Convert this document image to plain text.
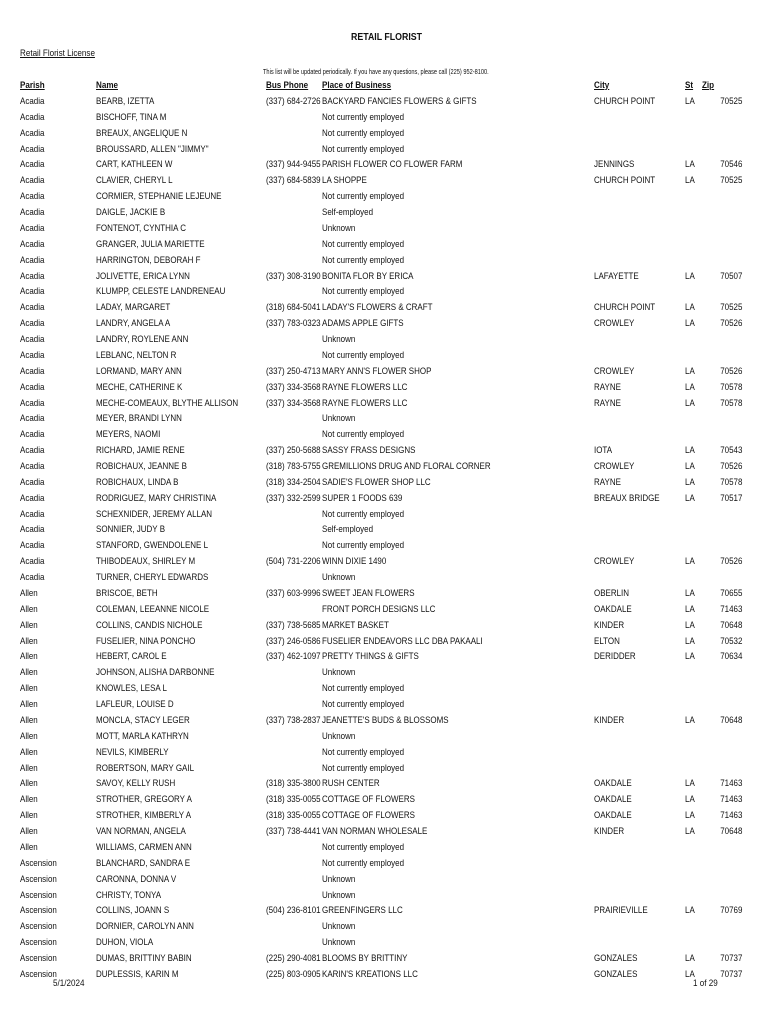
RETAIL FLORIST
Retail Florist License
This list will be updated periodically. If you have any questions, please call (225) 952-8100.
Parish	Name	Bus Phone Place of Business	City	St Zip
Acadia	BEARB, IZETTA	(337) 684-2726 BACKYARD FANCIES FLOWERS & GIFTS	CHURCH POINT	LA	70525
Acadia	BISCHOFF, TINA M	Not currently employed
Acadia	BREAUX, ANGELIQUE N	Not currently employed
Acadia	BROUSSARD, ALLEN "JIMMY"	Not currently employed
Acadia	CART, KATHLEEN W	(337) 944-9455 PARISH FLOWER CO FLOWER FARM	JENNINGS	LA	70546
Acadia	CLAVIER, CHERYL L	(337) 684-5839 LA SHOPPE	CHURCH POINT	LA	70525
Acadia	CORMIER, STEPHANIE LEJEUNE	Not currently employed
Acadia	DAIGLE, JACKIE B	Self-employed
Acadia	FONTENOT, CYNTHIA C	Unknown
Acadia	GRANGER, JULIA MARIETTE	Not currently employed
Acadia	HARRINGTON, DEBORAH F	Not currently employed
Acadia	JOLIVETTE, ERICA LYNN	(337) 308-3190 BONITA FLOR BY ERICA	LAFAYETTE	LA	70507
Acadia	KLUMPP, CELESTE LANDRENEAU	Not currently employed
Acadia	LADAY, MARGARET	(318) 684-5041 LADAY'S FLOWERS & CRAFT	CHURCH POINT	LA	70525
Acadia	LANDRY, ANGELA A	(337) 783-0323 ADAMS APPLE GIFTS	CROWLEY	LA	70526
Acadia	LANDRY, ROYLENE ANN	Unknown
Acadia	LEBLANC, NELTON R	Not currently employed
Acadia	LORMAND, MARY ANN	(337) 250-4713 MARY ANN'S FLOWER SHOP	CROWLEY	LA	70526
Acadia	MECHE, CATHERINE K	(337) 334-3568 RAYNE FLOWERS LLC	RAYNE	LA	70578
Acadia	MECHE-COMEAUX, BLYTHE ALLISON	(337) 334-3568 RAYNE FLOWERS LLC	RAYNE	LA	70578
Acadia	MEYER, BRANDI LYNN	Unknown
Acadia	MEYERS, NAOMI	Not currently employed
Acadia	RICHARD, JAMIE RENE	(337) 250-5688 SASSY FRASS DESIGNS	IOTA	LA	70543
Acadia	ROBICHAUX, JEANNE B	(318) 783-5755 GREMILLIONS DRUG AND FLORAL CORNER	CROWLEY	LA	70526
Acadia	ROBICHAUX, LINDA B	(318) 334-2504 SADIE'S FLOWER SHOP LLC	RAYNE	LA	70578
Acadia	RODRIGUEZ, MARY CHRISTINA	(337) 332-2599 SUPER 1 FOODS 639	BREAUX BRIDGE	LA	70517
Acadia	SCHEXNIDER, JEREMY ALLAN	Not currently employed
Acadia	SONNIER, JUDY B	Self-employed
Acadia	STANFORD, GWENDOLENE L	Not currently employed
Acadia	THIBODEAUX, SHIRLEY M	(504) 731-2206 WINN DIXIE 1490	CROWLEY	LA	70526
Acadia	TURNER, CHERYL EDWARDS	Unknown
Allen	BRISCOE, BETH	(337) 603-9996 SWEET JEAN FLOWERS	OBERLIN	LA	70655
Allen	COLEMAN, LEEANNE NICOLE	FRONT PORCH DESIGNS LLC	OAKDALE	LA	71463
Allen	COLLINS, CANDIS NICHOLE	(337) 738-5685 MARKET BASKET	KINDER	LA	70648
Allen	FUSELIER, NINA PONCHO	(337) 246-0586 FUSELIER ENDEAVORS LLC DBA PAKAALI	ELTON	LA	70532
Allen	HEBERT, CAROL E	(337) 462-1097 PRETTY THINGS & GIFTS	DERIDDER	LA	70634
Allen	JOHNSON, ALISHA DARBONNE	Unknown
Allen	KNOWLES, LESA L	Not currently employed
Allen	LAFLEUR, LOUISE D	Not currently employed
Allen	MONCLA, STACY LEGER	(337) 738-2837 JEANETTE'S BUDS & BLOSSOMS	KINDER	LA	70648
Allen	MOTT, MARLA KATHRYN	Unknown
Allen	NEVILS, KIMBERLY	Not currently employed
Allen	ROBERTSON, MARY GAIL	Not currently employed
Allen	SAVOY, KELLY RUSH	(318) 335-3800 RUSH CENTER	OAKDALE	LA	71463
Allen	STROTHER, GREGORY A	(318) 335-0055 COTTAGE OF FLOWERS	OAKDALE	LA	71463
Allen	STROTHER, KIMBERLY A	(318) 335-0055 COTTAGE OF FLOWERS	OAKDALE	LA	71463
Allen	VAN NORMAN, ANGELA	(337) 738-4441 VAN NORMAN WHOLESALE	KINDER	LA	70648
Allen	WILLIAMS, CARMEN ANN	Not currently employed
Ascension	BLANCHARD, SANDRA E	Not currently employed
Ascension	CARONNA, DONNA V	Unknown
Ascension	CHRISTY, TONYA	Unknown
Ascension	COLLINS, JOANN S	(504) 236-8101 GREENFINGERS LLC	PRAIRIEVILLE	LA	70769
Ascension	DORNIER, CAROLYN ANN	Unknown
Ascension	DUHON, VIOLA	Unknown
Ascension	DUMAS, BRITTINY BABIN	(225) 290-4081 BLOOMS BY BRITTINY	GONZALES	LA	70737
Ascension	DUPLESSIS, KARIN M	(225) 803-0905 KARIN'S KREATIONS LLC	GONZALES	LA	70737
5/1/2024	1 of 29
